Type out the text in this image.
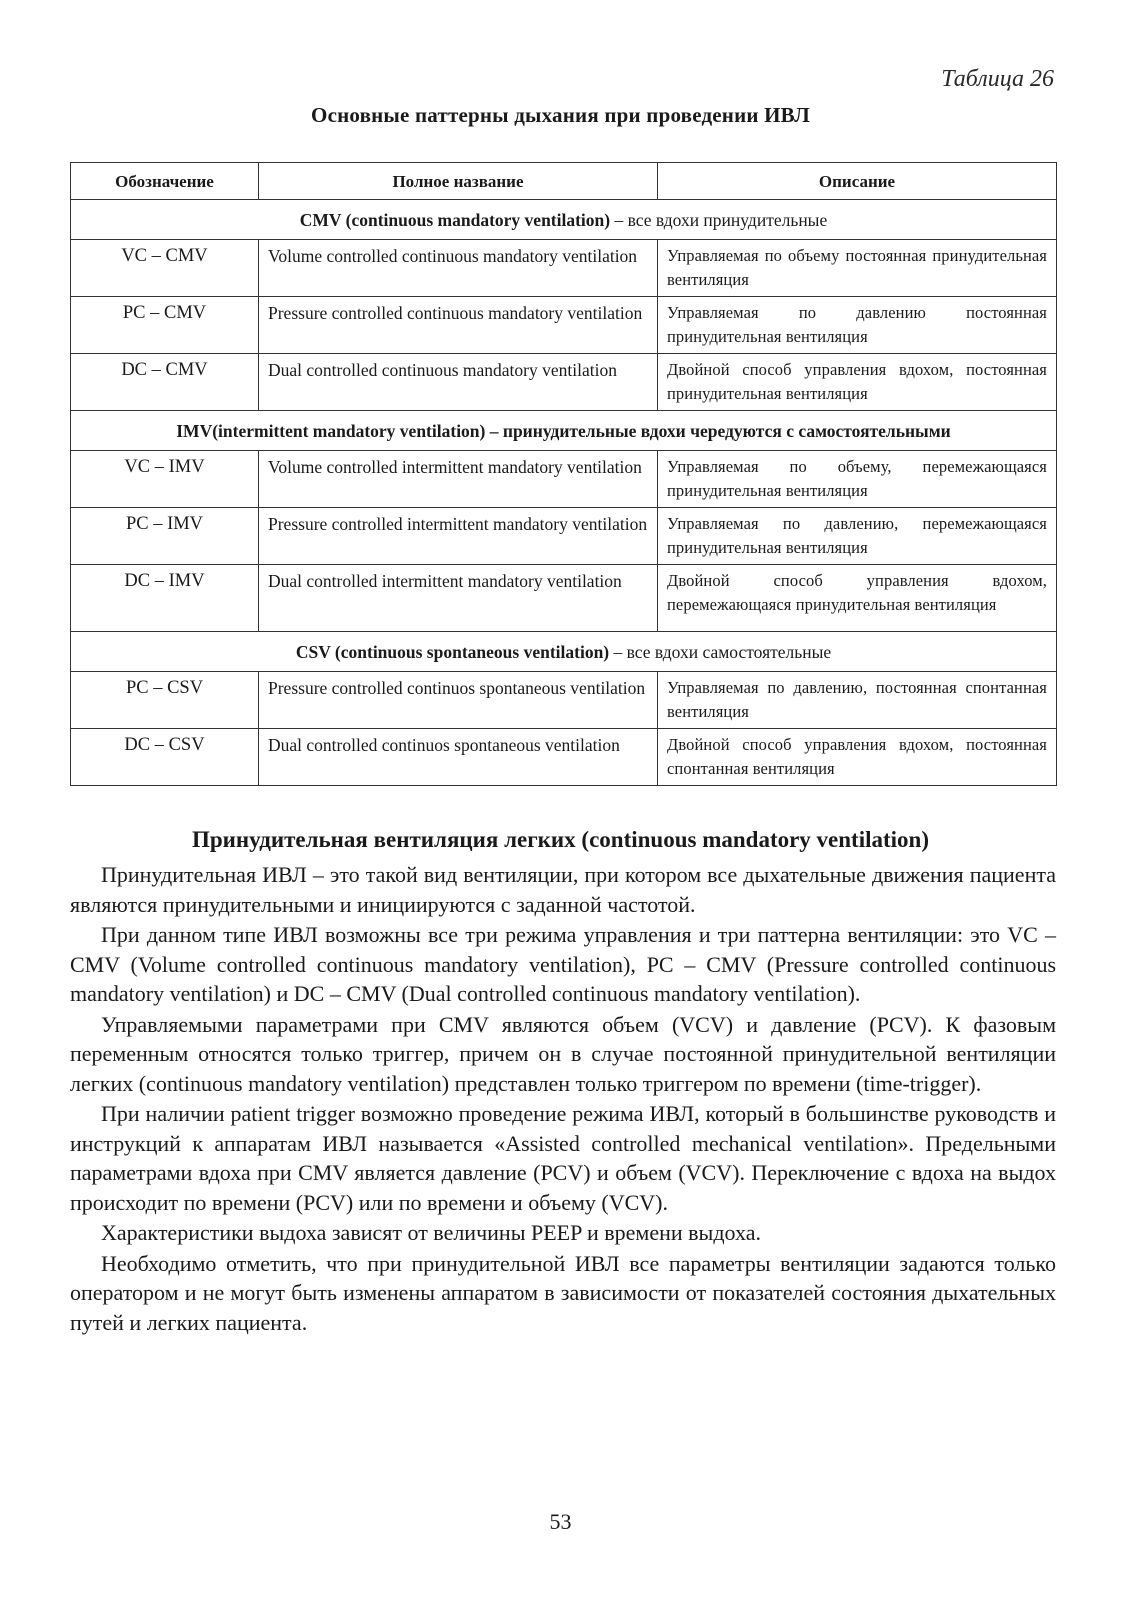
Таблица 26
Основные паттерны дыхания при проведении ИВЛ
Обозначение	Полное название	Описание
CMV (continuous mandatory ventilation) – все вдохи принудительные		
VC – CMV	Volume controlled continuous mandatory ventilation	Управляемая по объему постоянная принудительная вентиляция
PC – CMV	Pressure controlled continuous mandatory ventilation	Управляемая по давлению постоянная принудительная вентиляция
DC – CMV	Dual controlled continuous mandatory ventilation	Двойной способ управления вдохом, постоянная принудительная вентиляция
IMV(intermittent mandatory ventilation) – принудительные вдохи чередуются с самостоятельными		
VC – IMV	Volume controlled intermittent mandatory ventilation	Управляемая по объему, перемежающаяся принудительная вентиляция
PC – IMV	Pressure controlled intermittent mandatory ventilation	Управляемая по давлению, перемежающаяся принудительная вентиляция
DC – IMV	Dual controlled intermittent mandatory ventilation	Двойной способ управления вдохом, перемежающаяся принудительная вентиляция
CSV (continuous spontaneous ventilation) – все вдохи самостоятельные		
PC – CSV	Pressure controlled continuos spontaneous ventilation	Управляемая по давлению, постоянная спонтанная вентиляция
DC – CSV	Dual controlled continuos spontaneous ventilation	Двойной способ управления вдохом, постоянная спонтанная вентиляция
Принудительная вентиляция легких (continuous mandatory ventilation)

Принудительная ИВЛ – это такой вид вентиляции, при котором все дыхательные движения пациента являются принудительными и инициируются с заданной частотой.

При данном типе ИВЛ возможны все три режима управления и три паттерна вентиляции: это VC – CMV (Volume controlled continuous mandatory ventilation), PC – CMV (Pressure controlled continuous mandatory ventilation) и DC – CMV (Dual controlled continuous mandatory ventilation).

Управляемыми параметрами при CMV являются объем (VCV) и давление (PCV). К фазовым переменным относятся только триггер, причем он в случае постоянной принудительной вентиляции легких (continuous mandatory ventilation) представлен только триггером по времени (time-trigger).

При наличии patient trigger возможно проведение режима ИВЛ, который в большинстве руководств и инструкций к аппаратам ИВЛ называется «Assisted controlled mechanical ventilation». Предельными параметрами вдоха при CMV является давление (PCV) и объем (VCV). Переключение с вдоха на выдох происходит по времени (PCV) или по времени и объему (VCV).

Характеристики выдоха зависят от величины PEEP и времени выдоха.

Необходимо отметить, что при принудительной ИВЛ все параметры вентиляции задаются только оператором и не могут быть изменены аппаратом в зависимости от показателей состояния дыхательных путей и легких пациента.

53
